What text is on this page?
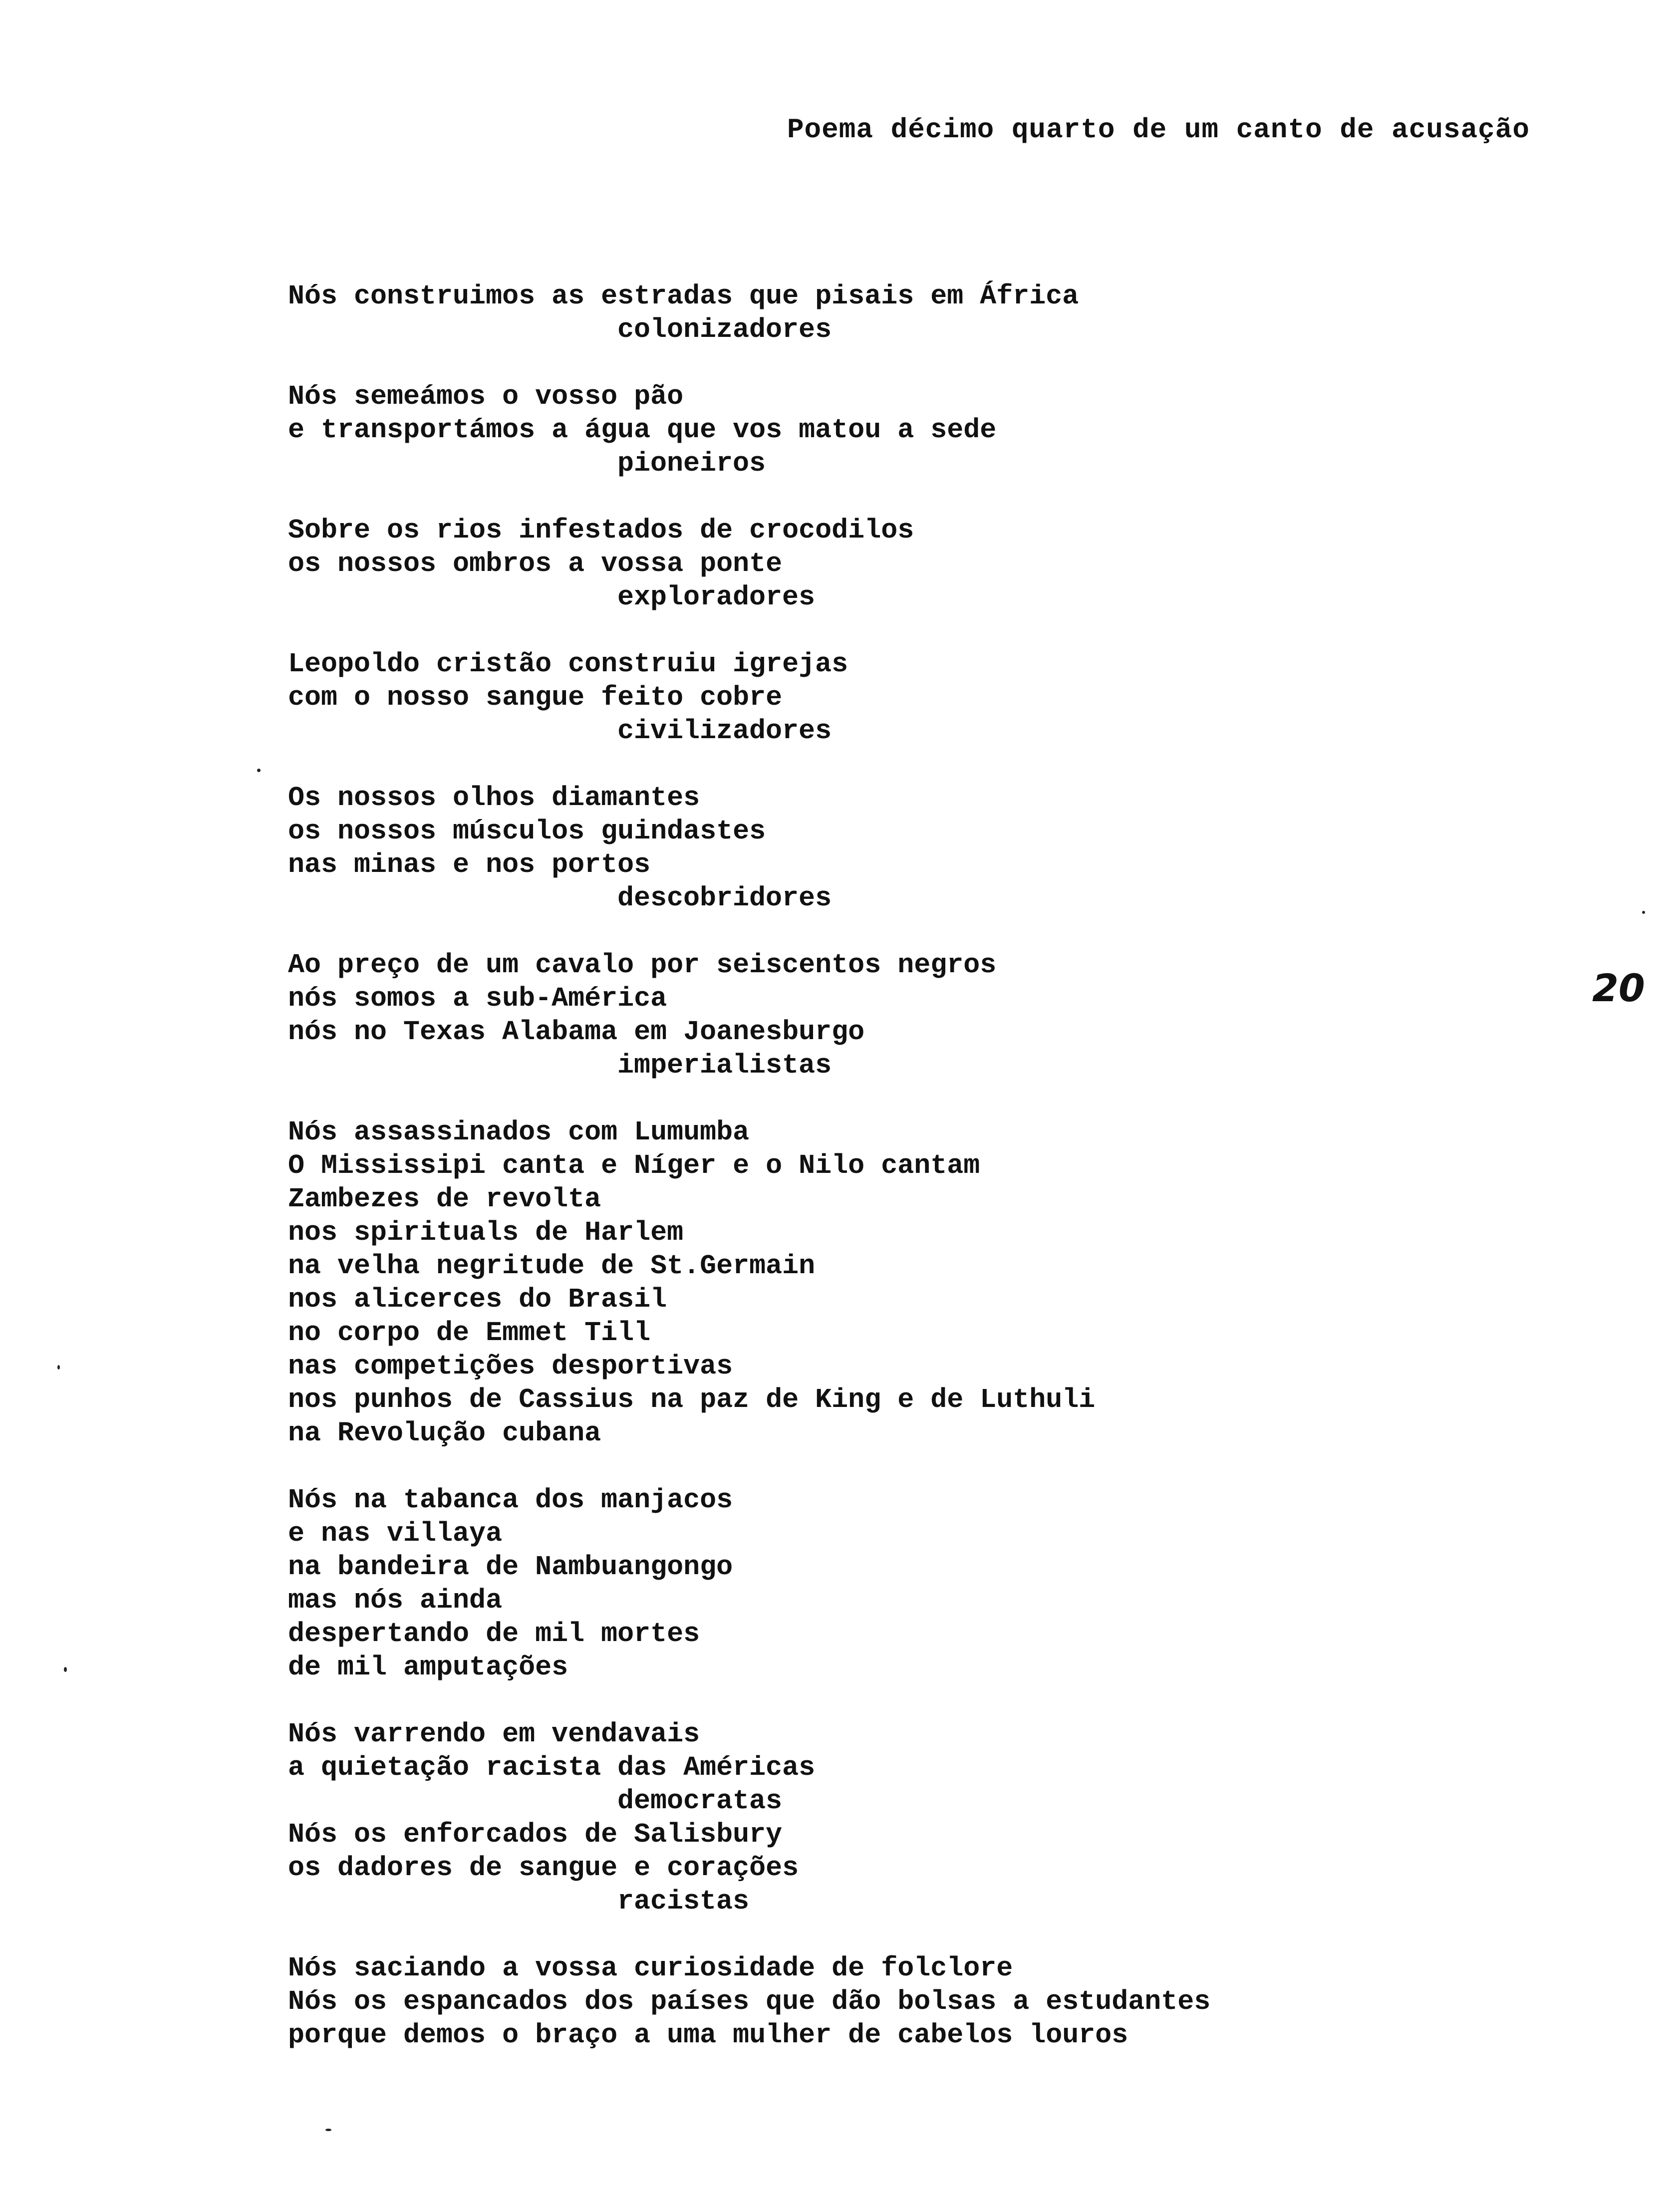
Poema décimo quarto de um canto de acusação
Nós construimos as estradas que pisais em África
colonizadores
Nós semeámos o vosso pão
e transportámos a água que vos matou a sede
pioneiros
Sobre os rios infestados de crocodilos
os nossos ombros a vossa ponte
exploradores
Leopoldo cristão construiu igrejas
com o nosso sangue feito cobre
civilizadores
Os nossos olhos diamantes
os nossos músculos guindastes
nas minas e nos portos
descobridores
Ao preço de um cavalo por seiscentos negros
nós somos a sub-América
nós no Texas Alabama em Joanesburgo
imperialistas
Nós assassinados com Lumumba
O Mississipi canta e Níger e o Nilo cantam
Zambezes de revolta
nos spirituals de Harlem
na velha negritude de St.Germain
nos alicerces do Brasil
no corpo de Emmet Till
nas competições desportivas
nos punhos de Cassius na paz de King e de Luthuli
na Revolução cubana
Nós na tabanca dos manjacos
e nas villaya
na bandeira de Nambuangongo
mas nós ainda
despertando de mil mortes
de mil amputações
Nós varrendo em vendavais
a quietação racista das Américas
democratas
Nós os enforcados de Salisbury
os dadores de sangue e corações
racistas
Nós saciando a vossa curiosidade de folclore
Nós os espancados dos países que dão bolsas a estudantes
porque demos o braço a uma mulher de cabelos louros
20
